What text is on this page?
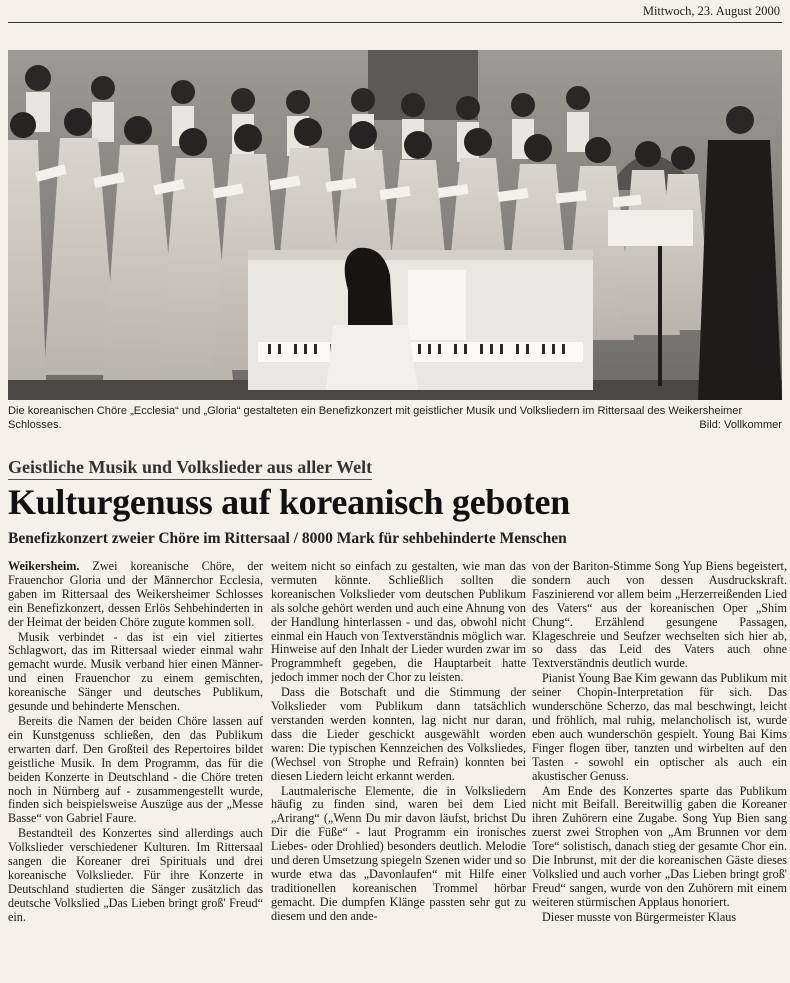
Mittwoch, 23. August 2000
Die koreanischen Chöre „Ecclesia“ und „Gloria“ gestalteten ein Benefizkonzert mit geistlicher Musik und Volksliedern im Rittersaal des Weikersheimer Schlosses.	Bild: Vollkommer
Geistliche Musik und Volkslieder aus aller Welt
Kulturgenuss auf koreanisch geboten
Benefizkonzert zweier Chöre im Rittersaal / 8000 Mark für sehbehinderte Menschen

Weikersheim. Zwei koreanische Chöre, der Frauenchor Gloria und der Männerchor Ecclesia, gaben im Rittersaal des Weikersheimer Schlosses ein Benefizkonzert, dessen Erlös Sehbehinderten in der Heimat der beiden Chöre zugute kommen soll.

Musik verbindet - das ist ein viel zitiertes Schlagwort, das im Rittersaal wieder einmal wahr gemacht wurde. Musik verband hier einen Männer- und einen Frauenchor zu einem gemischten, koreanische Sänger und deutsches Publikum, gesunde und behinderte Menschen.

Bereits die Namen der beiden Chöre lassen auf ein Kunstgenuss schließen, den das Publikum erwarten darf. Den Großteil des Repertoires bildet geistliche Musik. In dem Programm, das für die beiden Konzerte in Deutschland - die Chöre treten noch in Nürnberg auf - zusammengestellt wurde, finden sich beispielsweise Auszüge aus der „Messe Basse“ von Gabriel Faure.

Bestandteil des Konzertes sind allerdings auch Volkslieder verschiedener Kulturen. Im Rittersaal sangen die Koreaner drei Spirituals und drei koreanische Volkslieder. Für ihre Konzerte in Deutschland studierten die Sänger zusätzlich das deutsche Volkslied „Das Lieben bringt groß' Freud“ ein.

weitem nicht so einfach zu gestalten, wie man das vermuten könnte. Schließlich sollten die koreanischen Volkslieder vom deutschen Publikum als solche gehört werden und auch eine Ahnung von der Handlung hinterlassen - und das, obwohl nicht einmal ein Hauch von Textverständnis möglich war. Hinweise auf den Inhalt der Lieder wurden zwar im Programmheft gegeben, die Hauptarbeit hatte jedoch immer noch der Chor zu leisten.

Dass die Botschaft und die Stimmung der Volkslieder vom Publikum dann tatsächlich verstanden werden konnten, lag nicht nur daran, dass die Lieder geschickt ausgewählt worden waren: Die typischen Kennzeichen des Volksliedes, (Wechsel von Strophe und Refrain) konnten bei diesen Liedern leicht erkannt werden.

Lautmalerische Elemente, die in Volksliedern häufig zu finden sind, waren bei dem Lied „Arirang“ („Wenn Du mir davon läufst, brichst Du Dir die Füße“ - laut Programm ein ironisches Liebes- oder Drohlied) besonders deutlich. Melodie und deren Umsetzung spiegeln Szenen wider und so wurde etwa das „Davonlaufen“ mit Hilfe einer traditionellen koreanischen Trommel hörbar gemacht. Die dumpfen Klänge passten sehr gut zu diesem und den ande-

von der Bariton-Stimme Song Yup Biens begeistert, sondern auch von dessen Ausdruckskraft. Faszinierend vor allem beim „Herzerreißenden Lied des Vaters“ aus der koreanischen Oper „Shim Chung“. Erzählend gesungene Passagen, Klageschreie und Seufzer wechselten sich hier ab, so dass das Leid des Vaters auch ohne Textverständnis deutlich wurde.

Pianist Young Bae Kim gewann das Publikum mit seiner Chopin-Interpretation für sich. Das wunderschöne Scherzo, das mal beschwingt, leicht und fröhlich, mal ruhig, melancholisch ist, wurde eben auch wunderschön gespielt. Young Bai Kims Finger flogen über, tanzten und wirbelten auf den Tasten - sowohl ein optischer als auch ein akustischer Genuss.

Am Ende des Konzertes sparte das Publikum nicht mit Beifall. Bereitwillig gaben die Koreaner ihren Zuhörern eine Zugabe. Song Yup Bien sang zuerst zwei Strophen von „Am Brunnen vor dem Tore“ solistisch, danach stieg der gesamte Chor ein. Die Inbrunst, mit der die koreanischen Gäste dieses Volkslied und auch vorher „Das Lieben bringt groß' Freud“ sangen, wurde von den Zuhörern mit einem weiteren stürmischen Applaus honoriert.

Dieser musste von Bürgermeister Klaus
